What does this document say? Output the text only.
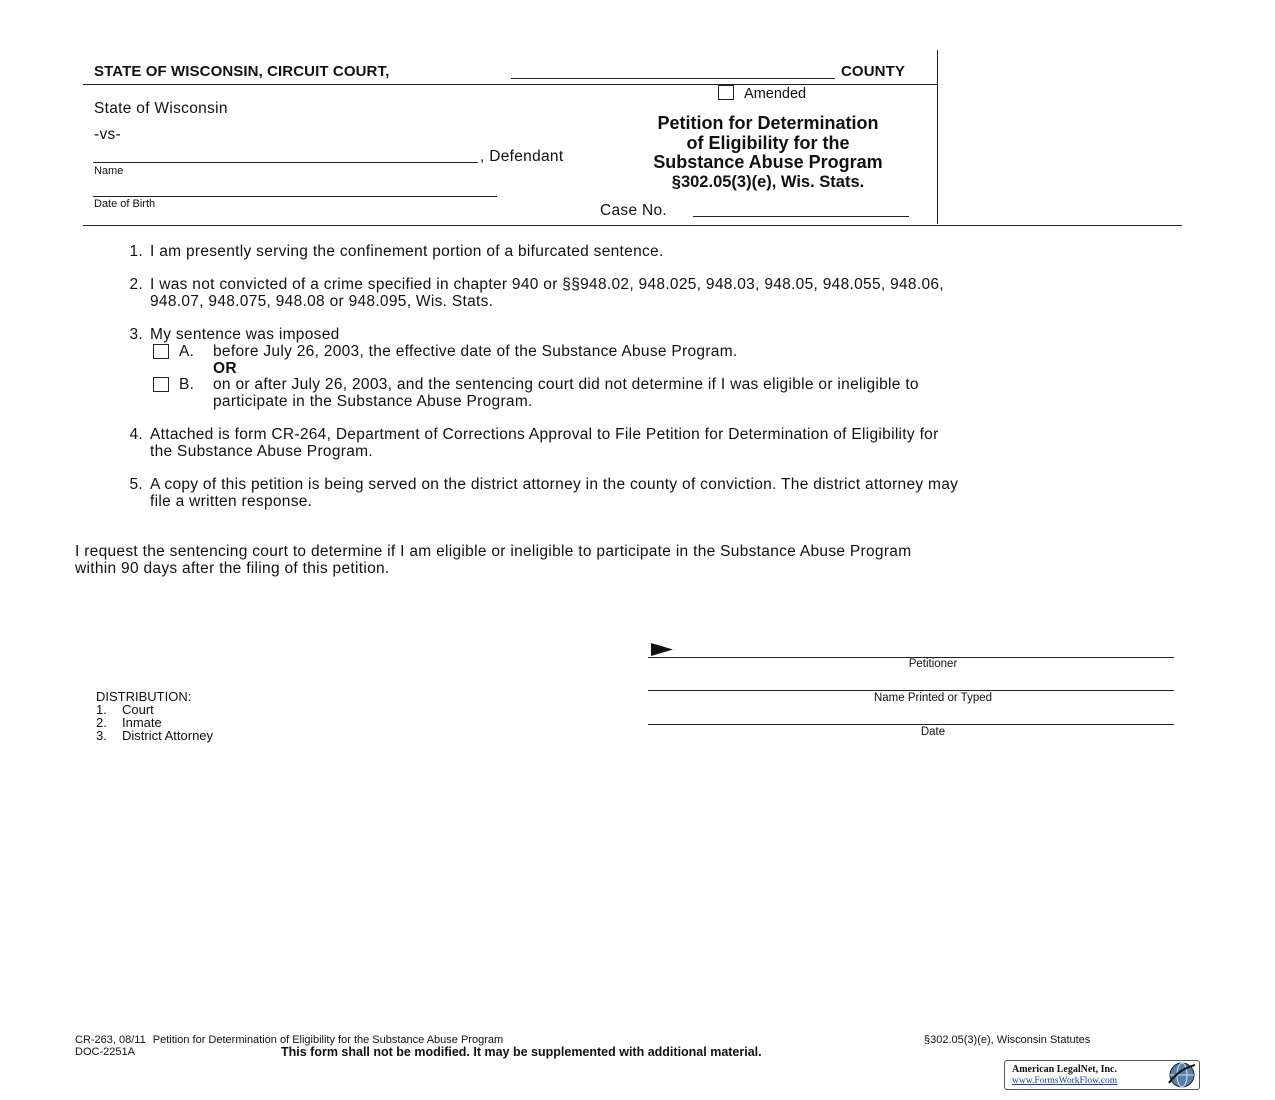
STATE OF WISCONSIN, CIRCUIT COURT,	COUNTY
Amended
State of Wisconsin
-vs-
, Defendant
Name
Date of Birth
Petition for Determination
of Eligibility for the
Substance Abuse Program
§302.05(3)(e), Wis. Stats.
Case No.
1. I am presently serving the confinement portion of a bifurcated sentence.
2. I was not convicted of a crime specified in chapter 940 or §§948.02, 948.025, 948.03, 948.05, 948.055, 948.06,
948.07, 948.075, 948.08 or 948.095, Wis. Stats.
3. My sentence was imposed
A. before July 26, 2003, the effective date of the Substance Abuse Program.
OR
B. on or after July 26, 2003, and the sentencing court did not determine if I was eligible or ineligible to
participate in the Substance Abuse Program.
4. Attached is form CR-264, Department of Corrections Approval to File Petition for Determination of Eligibility for
the Substance Abuse Program.
5. A copy of this petition is being served on the district attorney in the county of conviction. The district attorney may
file a written response.
I request the sentencing court to determine if I am eligible or ineligible to participate in the Substance Abuse Program
within 90 days after the filing of this petition.
Petitioner
Name Printed or Typed
Date
DISTRIBUTION:
1. Court
2. Inmate
3. District Attorney
CR-263, 08/11 Petition for Determination of Eligibility for the Substance Abuse Program	§302.05(3)(e), Wisconsin Statutes
DOC-2251A	This form shall not be modified. It may be supplemented with additional material.
American LegalNet, Inc.
www.FormsWorkFlow.com
